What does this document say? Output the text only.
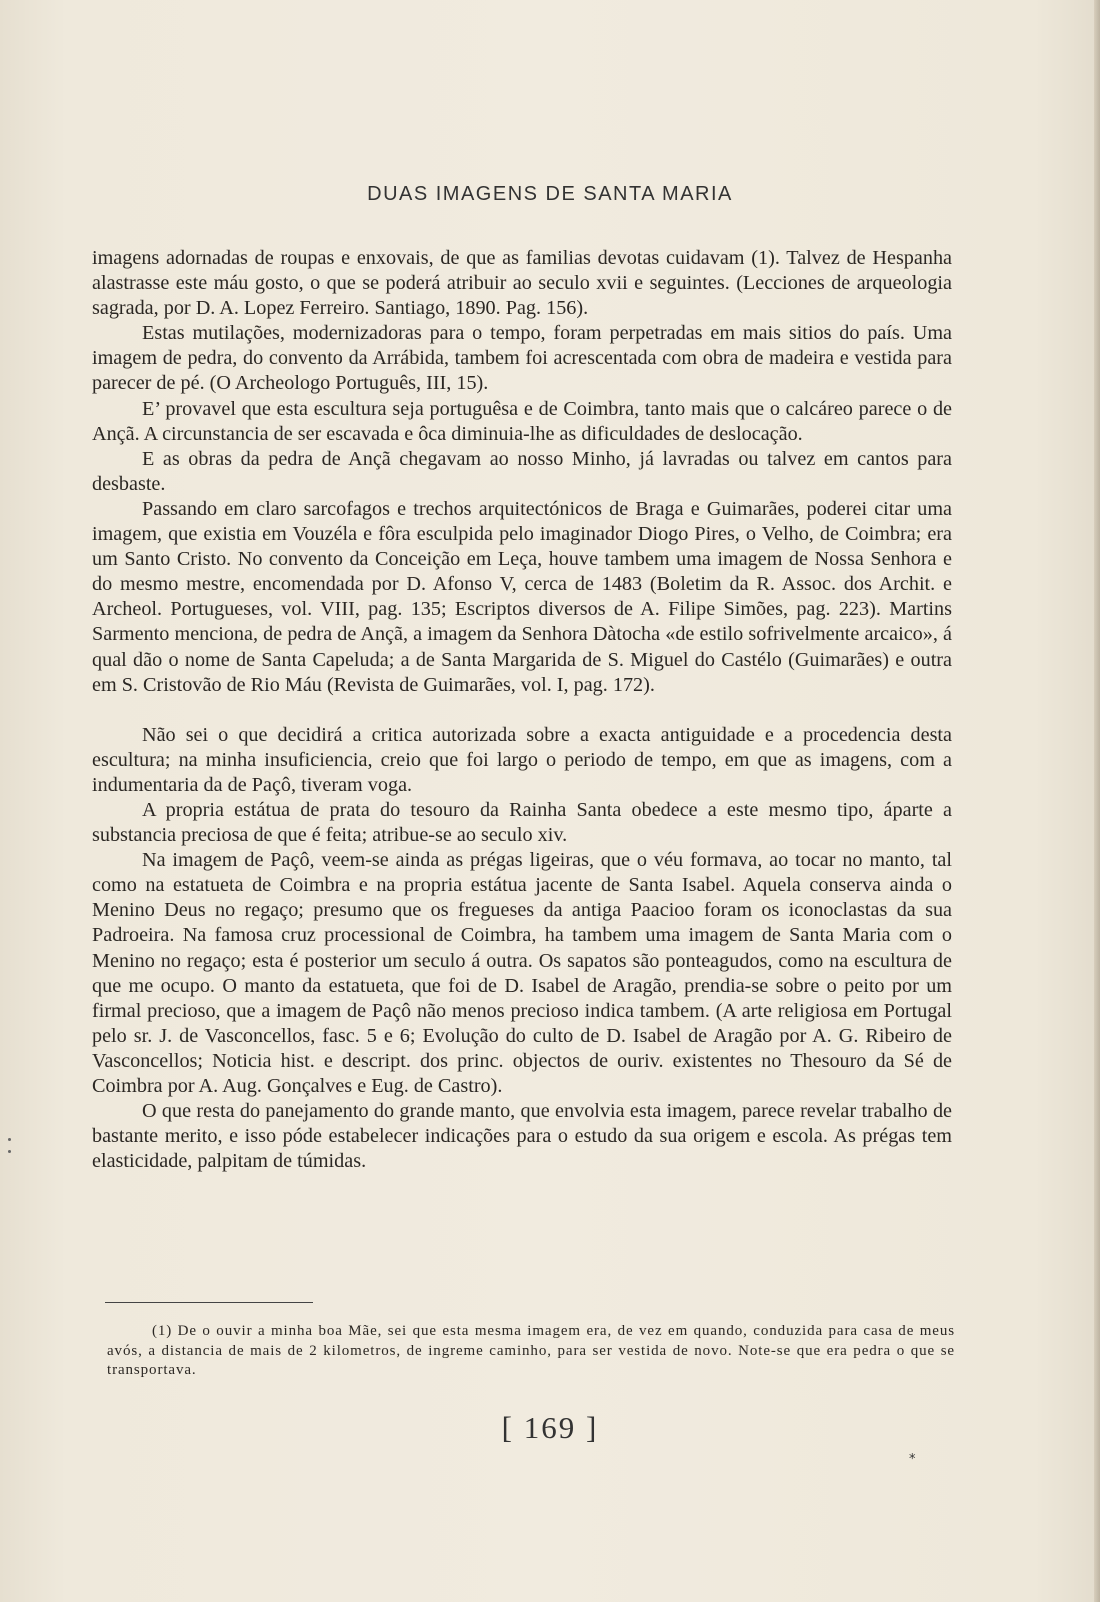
DUAS IMAGENS DE SANTA MARIA

imagens adornadas de roupas e enxovais, de que as familias devotas cuidavam (1). Talvez de Hespanha alastrasse este máu gosto, o que se poderá atribuir ao seculo xvii e seguintes. (Lecciones de arqueologia sagrada, por D. A. Lopez Ferreiro. Santiago, 1890. Pag. 156).

Estas mutilações, modernizadoras para o tempo, foram perpetradas em mais sitios do país. Uma imagem de pedra, do convento da Arrábida, tambem foi acrescentada com obra de madeira e vestida para parecer de pé. (O Archeologo Português, III, 15).

E’ provavel que esta escultura seja portuguêsa e de Coimbra, tanto mais que o calcáreo parece o de Ançã. A circunstancia de ser escavada e ôca diminuia-lhe as dificuldades de deslocação.

E as obras da pedra de Ançã chegavam ao nosso Minho, já lavradas ou talvez em cantos para desbaste.

Passando em claro sarcofagos e trechos arquitectónicos de Braga e Guimarães, poderei citar uma imagem, que existia em Vouzéla e fôra esculpida pelo imaginador Diogo Pires, o Velho, de Coimbra; era um Santo Cristo. No convento da Conceição em Leça, houve tambem uma imagem de Nossa Senhora e do mesmo mestre, encomendada por D. Afonso V, cerca de 1483 (Boletim da R. Assoc. dos Archit. e Archeol. Portugueses, vol. VIII, pag. 135; Escriptos diversos de A. Filipe Simões, pag. 223). Martins Sarmento menciona, de pedra de Ançã, a imagem da Senhora Dàtocha «de estilo sofrivelmente arcaico», á qual dão o nome de Santa Capeluda; a de Santa Margarida de S. Miguel do Castélo (Guimarães) e outra em S. Cristovão de Rio Máu (Revista de Guimarães, vol. I, pag. 172).

Não sei o que decidirá a critica autorizada sobre a exacta antiguidade e a procedencia desta escultura; na minha insuficiencia, creio que foi largo o periodo de tempo, em que as imagens, com a indumentaria da de Paçô, tiveram voga.

A propria estátua de prata do tesouro da Rainha Santa obedece a este mesmo tipo, áparte a substancia preciosa de que é feita; atribue-se ao seculo xiv.

Na imagem de Paçô, veem-se ainda as prégas ligeiras, que o véu formava, ao tocar no manto, tal como na estatueta de Coimbra e na propria estátua jacente de Santa Isabel. Aquela conserva ainda o Menino Deus no regaço; presumo que os fregueses da antiga Paacioo foram os iconoclastas da sua Padroeira. Na famosa cruz processional de Coimbra, ha tambem uma imagem de Santa Maria com o Menino no regaço; esta é posterior um seculo á outra. Os sapatos são ponteagudos, como na escultura de que me ocupo. O manto da estatueta, que foi de D. Isabel de Aragão, prendia-se sobre o peito por um firmal precioso, que a imagem de Paçô não menos precioso indica tambem. (A arte religiosa em Portugal pelo sr. J. de Vasconcellos, fasc. 5 e 6; Evolução do culto de D. Isabel de Aragão por A. G. Ribeiro de Vasconcellos; Noticia hist. e descript. dos princ. objectos de ouriv. existentes no Thesouro da Sé de Coimbra por A. Aug. Gonçalves e Eug. de Castro).

O que resta do panejamento do grande manto, que envolvia esta imagem, parece revelar trabalho de bastante merito, e isso póde estabelecer indicações para o estudo da sua origem e escola. As prégas tem elasticidade, palpitam de túmidas.

(1) De o ouvir a minha boa Mãe, sei que esta mesma imagem era, de vez em quando, conduzida para casa de meus avós, a distancia de mais de 2 kilometros, de ingreme caminho, para ser vestida de novo. Note-se que era pedra o que se transportava.

[ 169 ]
*
